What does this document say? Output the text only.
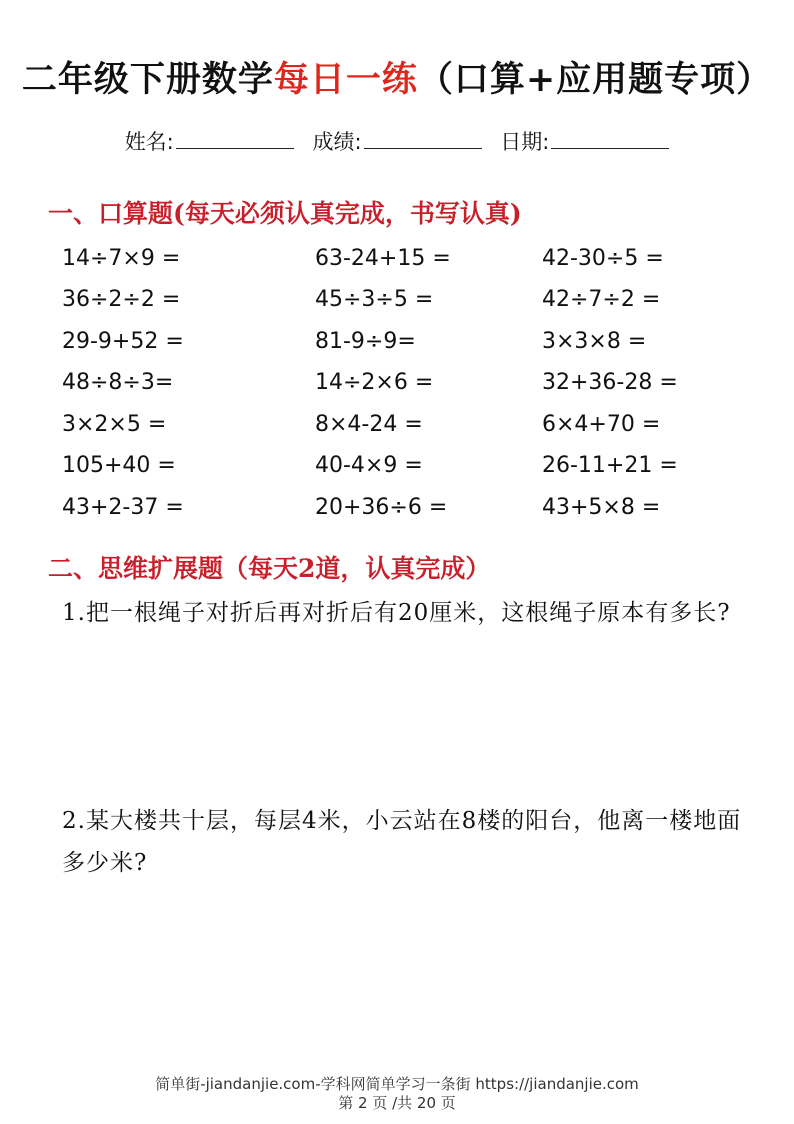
二年级下册数学每日一练（口算+应用题专项）
姓名:	成绩:	日期:
一、口算题(每天必须认真完成，书写认真)
14÷7×9 =	63-24+15 =	42-30÷5 =
36÷2÷2 =	45÷3÷5 =	42÷7÷2 =
29-9+52 =	81-9÷9=	3×3×8 =
48÷8÷3=	14÷2×6 =	32+36-28 =
3×2×5 =	8×4-24 =	6×4+70 =
105+40 =	40-4×9 =	26-11+21 =
43+2-37 =	20+36÷6 =	43+5×8 =
二、思维扩展题（每天2道，认真完成）
1.把一根绳子对折后再对折后有20厘米，这根绳子原本有多长?
2.某大楼共十层，每层4米，小云站在8楼的阳台，他离一楼地面多少米?
简单街-jiandanjie.com-学科网简单学习一条街 https://jiandanjie.com
第 2 页 /共 20 页
